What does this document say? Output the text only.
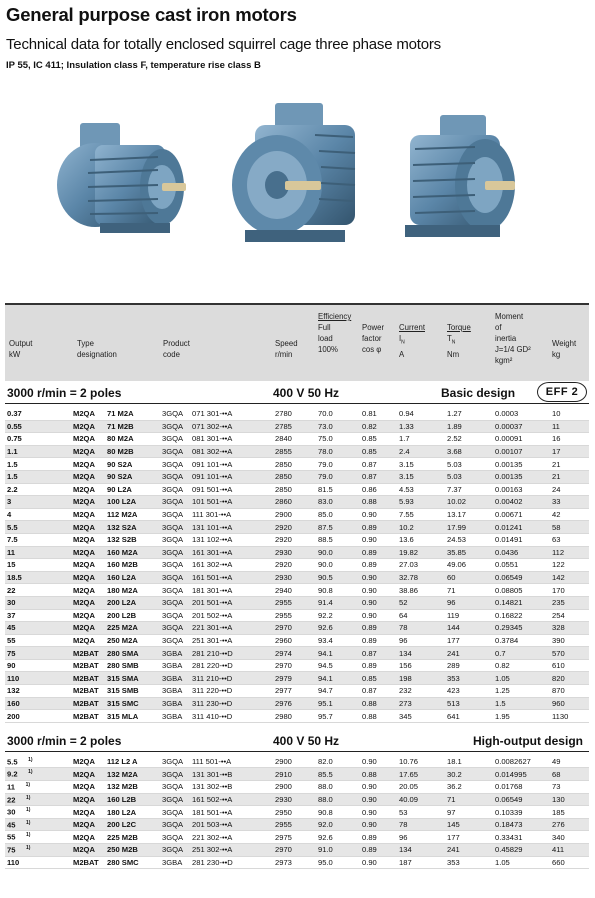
General purpose cast iron motors
Technical data for totally enclosed squirrel cage three phase motors
IP 55, IC 411; Insulation class F, temperature rise class B
Output
kW
Type
designation
Product
code
Speed
r/min
Efficiency
Full
load
100%
Power
factor
cos φ
Current
$I_N$
A
Torque
$T_N$
Nm
Moment
of
inertia
J=1/4 GD²
kgm²
Weight
kg
3000 r/min = 2 poles	400 V 50 Hz	Basic design	EFF 2
0.37	M2QA	71 M2A	3GQA	071 301-••A	2780	70.0	0.81	0.94	1.27	0.0003	10
0.55	M2QA	71 M2B	3GQA	071 302-••A	2785	73.0	0.82	1.33	1.89	0.00037	11
0.75	M2QA	80 M2A	3GQA	081 301-••A	2840	75.0	0.85	1.7	2.52	0.00091	16
1.1	M2QA	80 M2B	3GQA	081 302-••A	2855	78.0	0.85	2.4	3.68	0.00107	17
1.5	M2QA	90 S2A	3GQA	091 101-••A	2850	79.0	0.87	3.15	5.03	0.00135	21
1.5	M2QA	90 S2A	3GQA	091 101-••A	2850	79.0	0.87	3.15	5.03	0.00135	21
2.2	M2QA	90 L2A	3GQA	091 501-••A	2850	81.5	0.86	4.53	7.37	0.00163	24
3	M2QA	100 L2A	3GQA	101 501-••A	2860	83.0	0.88	5.93	10.02	0.00402	33
4	M2QA	112 M2A	3GQA	111 301-••A	2900	85.0	0.90	7.55	13.17	0.00671	42
5.5	M2QA	132 S2A	3GQA	131 101-••A	2920	87.5	0.89	10.2	17.99	0.01241	58
7.5	M2QA	132 S2B	3GQA	131 102-••A	2920	88.5	0.90	13.6	24.53	0.01491	63
11	M2QA	160 M2A	3GQA	161 301-••A	2930	90.0	0.89	19.82	35.85	0.0436	112
15	M2QA	160 M2B	3GQA	161 302-••A	2920	90.0	0.89	27.03	49.06	0.0551	122
18.5	M2QA	160 L2A	3GQA	161 501-••A	2930	90.5	0.90	32.78	60	0.06549	142
22	M2QA	180 M2A	3GQA	181 301-••A	2940	90.8	0.90	38.86	71	0.08805	170
30	M2QA	200 L2A	3GQA	201 501-••A	2955	91.4	0.90	52	96	0.14821	235
37	M2QA	200 L2B	3GQA	201 502-••A	2955	92.2	0.90	64	119	0.16822	254
45	M2QA	225 M2A	3GQA	221 301-••A	2970	92.6	0.89	78	144	0.29345	328
55	M2QA	250 M2A	3GQA	251 301-••A	2960	93.4	0.89	96	177	0.3784	390
75	M2BAT	280 SMA	3GBA	281 210-••D	2974	94.1	0.87	134	241	0.7	570
90	M2BAT	280 SMB	3GBA	281 220-••D	2970	94.5	0.89	156	289	0.82	610
110	M2BAT	315 SMA	3GBA	311 210-••D	2979	94.1	0.85	198	353	1.05	820
132	M2BAT	315 SMB	3GBA	311 220-••D	2977	94.7	0.87	232	423	1.25	870
160	M2BAT	315 SMC	3GBA	311 230-••D	2976	95.1	0.88	273	513	1.5	960
200	M2BAT	315 MLA	3GBA	311 410-••D	2980	95.7	0.88	345	641	1.95	1130
3000 r/min = 2 poles	400 V 50 Hz	High-output design
5.5 $^{1)}$	M2QA	112 L2 A	3GQA	111 501-••A	2900	82.0	0.90	10.76	18.1	0.0082627	49
9.2 $^{1)}$	M2QA	132 M2A	3GQA	131 301-••B	2910	85.5	0.88	17.65	30.2	0.014995	68
11 $^{1)}$	M2QA	132 M2B	3GQA	131 302-••B	2900	88.0	0.90	20.05	36.2	0.01768	73
22 $^{1)}$	M2QA	160 L2B	3GQA	161 502-••A	2930	88.0	0.90	40.09	71	0.06549	130
30 $^{1)}$	M2QA	180 L2A	3GQA	181 501-••A	2950	90.8	0.90	53	97	0.10339	185
45 $^{1)}$	M2QA	200 L2C	3GQA	201 503-••A	2955	92.0	0.90	78	145	0.18473	276
55 $^{1)}$	M2QA	225 M2B	3GQA	221 302-••A	2975	92.6	0.89	96	177	0.33431	340
75 $^{1)}$	M2QA	250 M2B	3GQA	251 302-••A	2970	91.0	0.89	134	241	0.45829	411
110	M2BAT	280 SMC	3GBA	281 230-••D	2973	95.0	0.90	187	353	1.05	660
